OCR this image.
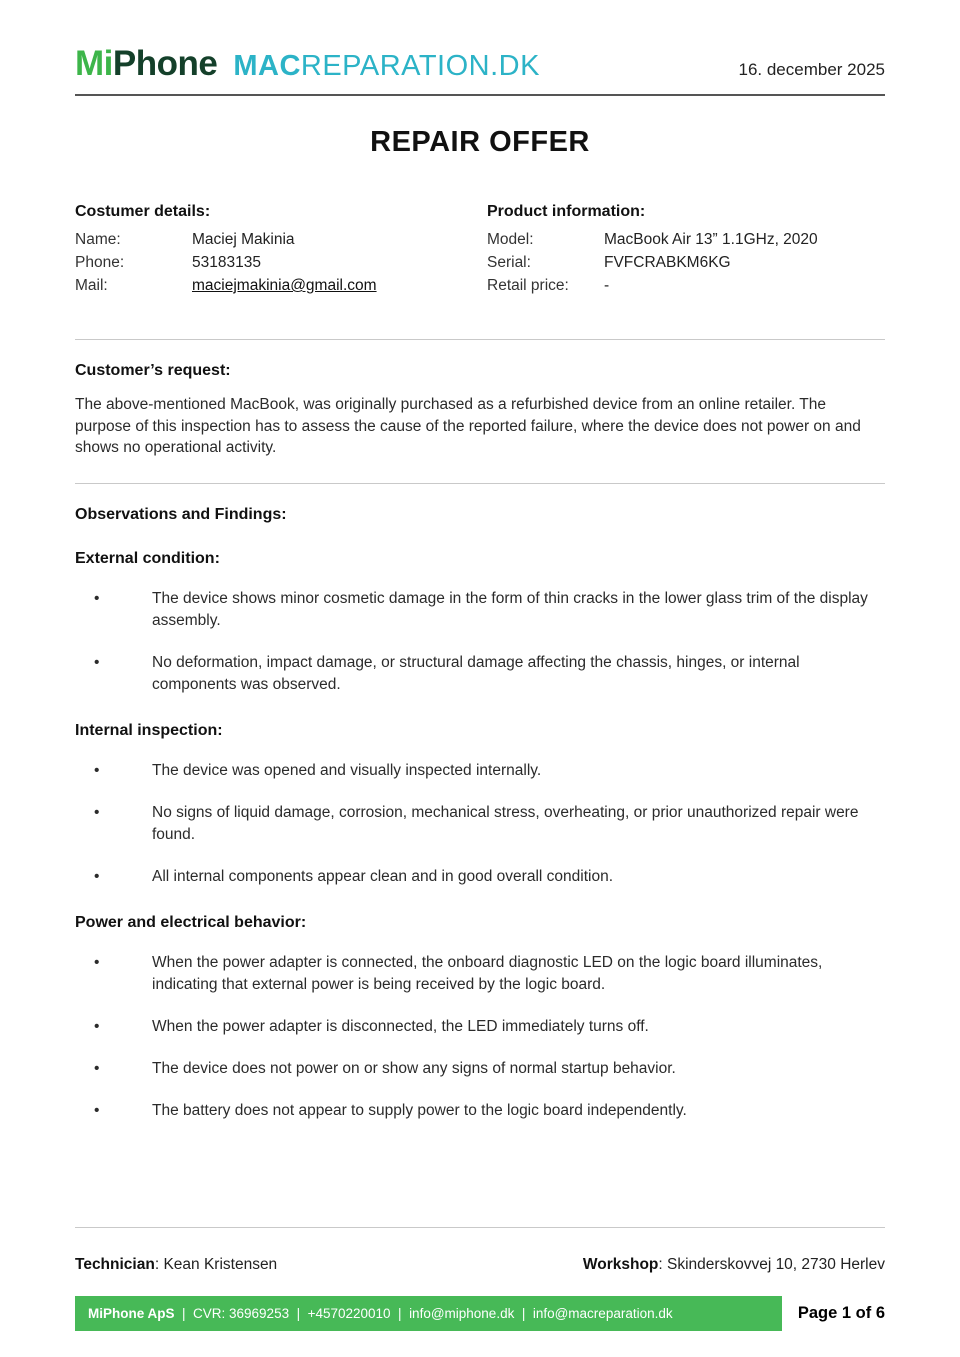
MiPhone MACREPARATION.DK	16. december 2025
REPAIR OFFER
Costumer details:
Name:	Maciej Makinia
Phone:	53183135
Mail:	maciejmakinia@gmail.com
Product information:
Model:	MacBook Air 13” 1.1GHz, 2020
Serial:	FVFCRABKM6KG
Retail price:	-
Customer’s request:

The above-mentioned MacBook, was originally purchased as a refurbished device from an online retailer. The purpose of this inspection has to assess the cause of the reported failure, where the device does not power on and shows no operational activity.

Observations and Findings:
External condition:
• The device shows minor cosmetic damage in the form of thin cracks in the lower glass trim of the display assembly.
• No deformation, impact damage, or structural damage affecting the chassis, hinges, or internal components was observed.
Internal inspection:
• The device was opened and visually inspected internally.
• No signs of liquid damage, corrosion, mechanical stress, overheating, or prior unauthorized repair were found.
• All internal components appear clean and in good overall condition.
Power and electrical behavior:
• When the power adapter is connected, the onboard diagnostic LED on the logic board illuminates, indicating that external power is being received by the logic board.
• When the power adapter is disconnected, the LED immediately turns off.
• The device does not power on or show any signs of normal startup behavior.
• The battery does not appear to supply power to the logic board independently.
Technician: Kean Kristensen	Workshop: Skinderskovvej 10, 2730 Herlev
MiPhone ApS  |  CVR: 36969253  |  +4570220010  |  info@miphone.dk  |  info@macreparation.dk	Page 1 of 6
